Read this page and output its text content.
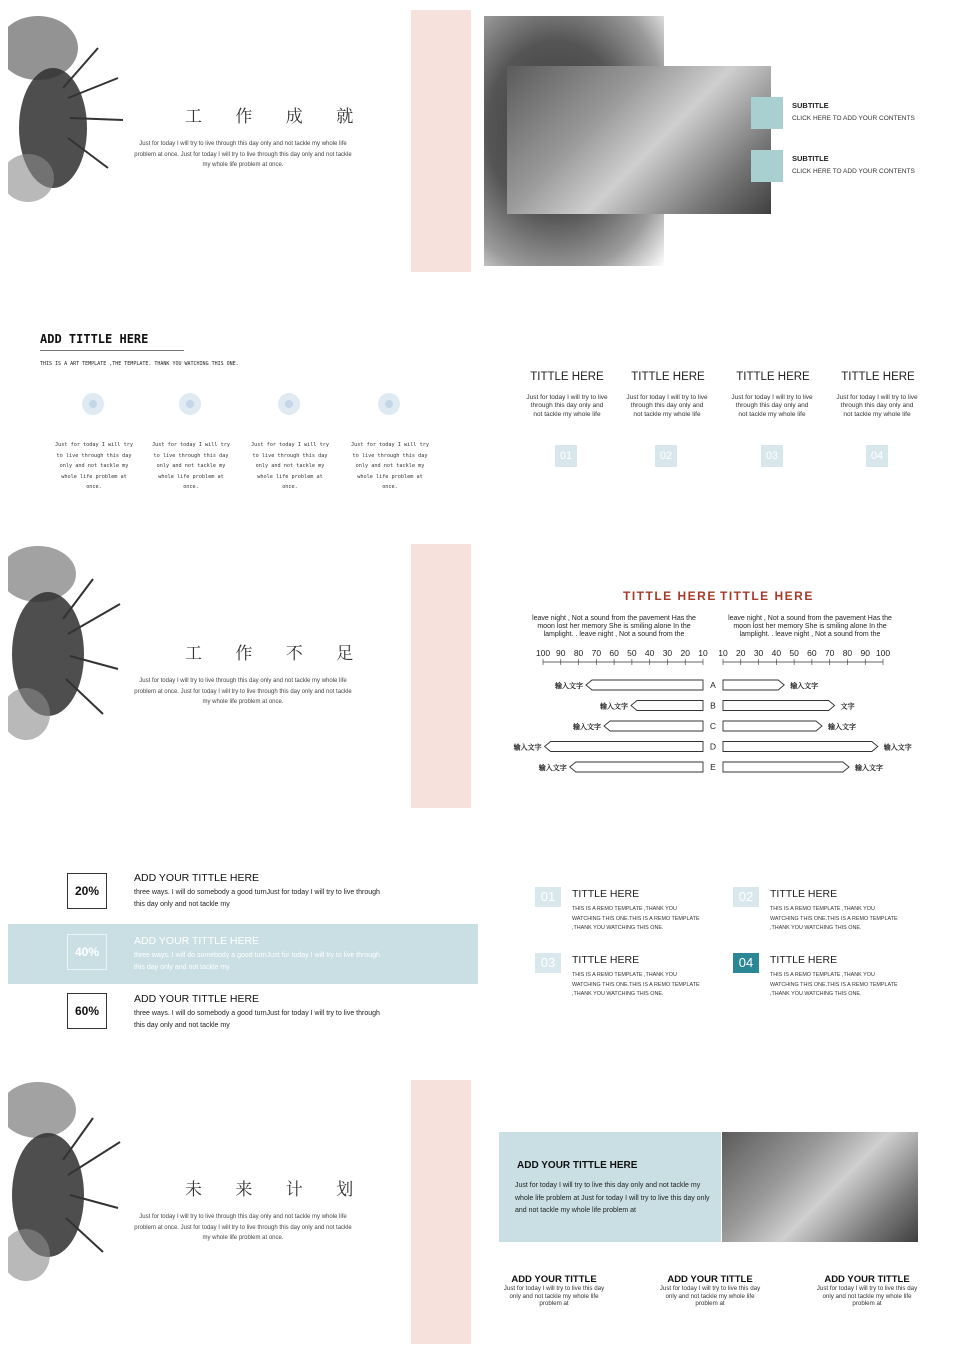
工 作 成 就
Just for today I will try to live through this day only and not tackle my whole life problem at once. Just for today I will try to live through this day only and not tackle my whole life problem at once.
SUBTITLE
CLICK HERE TO ADD YOUR CONTENTS
SUBTITLE
CLICK HERE TO ADD YOUR CONTENTS
ADD TITTLE HERE
THIS IS A ART TEMPLATE ,THE TEMPLATE. THANK YOU WATCHING THIS ONE.
Just for today I will try to live through this day only and not tackle my whole life problem at once.
Just for today I will try to live through this day only and not tackle my whole life problem at once.
Just for today I will try to live through this day only and not tackle my whole life problem at once.
Just for today I will try to live through this day only and not tackle my whole life problem at once.
TITTLE HERE
Just for today I will try to live through this day only and not tackle my whole life
01
TITTLE HERE
Just for today I will try to live through this day only and not tackle my whole life
02
TITTLE HERE
Just for today I will try to live through this day only and not tackle my whole life
03
TITTLE HERE
Just for today I will try to live through this day only and not tackle my whole life
04
工 作 不 足
Just for today I will try to live through this day only and not tackle my whole life problem at once. Just for today I will try to live through this day only and not tackle my whole life problem at once.
TITTLE HERE TITTLE HERE
leave night , Not a sound from the pavement Has the moon lost her memory She is smiling alone In the lamplight. . leave night , Not a sound from the
leave night , Not a sound from the pavement Has the moon lost her memory She is smiling alone In the lamplight. . leave night , Not a sound from the
100 90 80 70 60 50 40 30 20 10 10 20 30 40 50 60 70 80 90 100
A
输入文字	输入文字
B
输入文字	文字
C
输入文字	输入文字
D
输入文字	输入文字
E
输入文字	输入文字
20%
ADD YOUR TITTLE HERE
three ways. I will do somebody a good turnJust for today I will try to live through this day only and not tackle my
40%
ADD YOUR TITTLE HERE
three ways. I will do somebody a good turnJust for today I will try to live through this day only and not tackle my
60%
ADD YOUR TITTLE HERE
three ways. I will do somebody a good turnJust for today I will try to live through this day only and not tackle my
01	TITTLE HERE
THIS IS A REMO TEMPLATE ,THANK YOU WATCHING THIS ONE.THIS IS A REMO TEMPLATE ,THANK YOU WATCHING THIS ONE.
02	TITTLE HERE
THIS IS A REMO TEMPLATE ,THANK YOU WATCHING THIS ONE.THIS IS A REMO TEMPLATE ,THANK YOU WATCHING THIS ONE.
03	TITTLE HERE
THIS IS A REMO TEMPLATE ,THANK YOU WATCHING THIS ONE.THIS IS A REMO TEMPLATE ,THANK YOU WATCHING THIS ONE.
04	TITTLE HERE
THIS IS A REMO TEMPLATE ,THANK YOU WATCHING THIS ONE.THIS IS A REMO TEMPLATE ,THANK YOU WATCHING THIS ONE.
未 来 计 划
Just for today I will try to live through this day only and not tackle my whole life problem at once. Just for today I will try to live through this day only and not tackle my whole life problem at once.
ADD YOUR TITTLE HERE
Just for today I will try to live this day only and not tackle my whole life problem at Just for today I will try to live this day only and not tackle my whole life problem at
ADD YOUR TITTLE
Just for today I will try to live this day only and not tackle my whole life problem at
ADD YOUR TITTLE
Just for today I will try to live this day only and not tackle my whole life problem at
ADD YOUR TITTLE
Just for today I will try to live this day only and not tackle my whole life problem at
